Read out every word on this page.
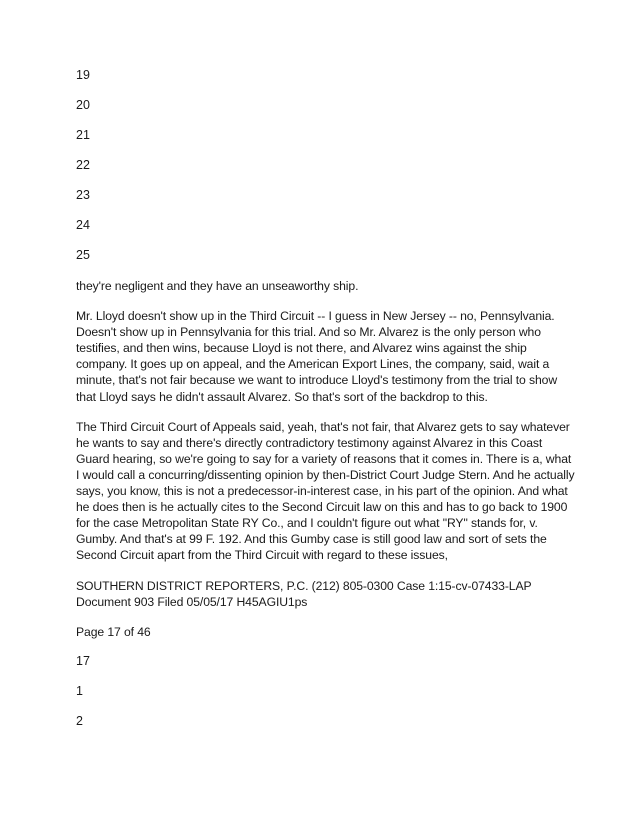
19
20
21
22
23
24
25

they're negligent and they have an unseaworthy ship.

Mr. Lloyd doesn't show up in the Third Circuit -- I guess in New Jersey -- no, Pennsylvania. Doesn't show up in Pennsylvania for this trial. And so Mr. Alvarez is the only person who testifies, and then wins, because Lloyd is not there, and Alvarez wins against the ship company. It goes up on appeal, and the American Export Lines, the company, said, wait a minute, that's not fair because we want to introduce Lloyd's testimony from the trial to show that Lloyd says he didn't assault Alvarez. So that's sort of the backdrop to this.

The Third Circuit Court of Appeals said, yeah, that's not fair, that Alvarez gets to say whatever he wants to say and there's directly contradictory testimony against Alvarez in this Coast Guard hearing, so we're going to say for a variety of reasons that it comes in. There is a, what I would call a concurring/dissenting opinion by then-District Court Judge Stern. And he actually says, you know, this is not a predecessor-in-interest case, in his part of the opinion. And what he does then is he actually cites to the Second Circuit law on this and has to go back to 1900 for the case Metropolitan State RY Co., and I couldn't figure out what "RY" stands for, v. Gumby. And that's at 99 F. 192. And this Gumby case is still good law and sort of sets the Second Circuit apart from the Third Circuit with regard to these issues,

SOUTHERN DISTRICT REPORTERS, P.C. (212) 805-0300 Case 1:15-cv-07433-LAP Document 903 Filed 05/05/17 H45AGIU1ps

Page 17 of 46

17
1
2
